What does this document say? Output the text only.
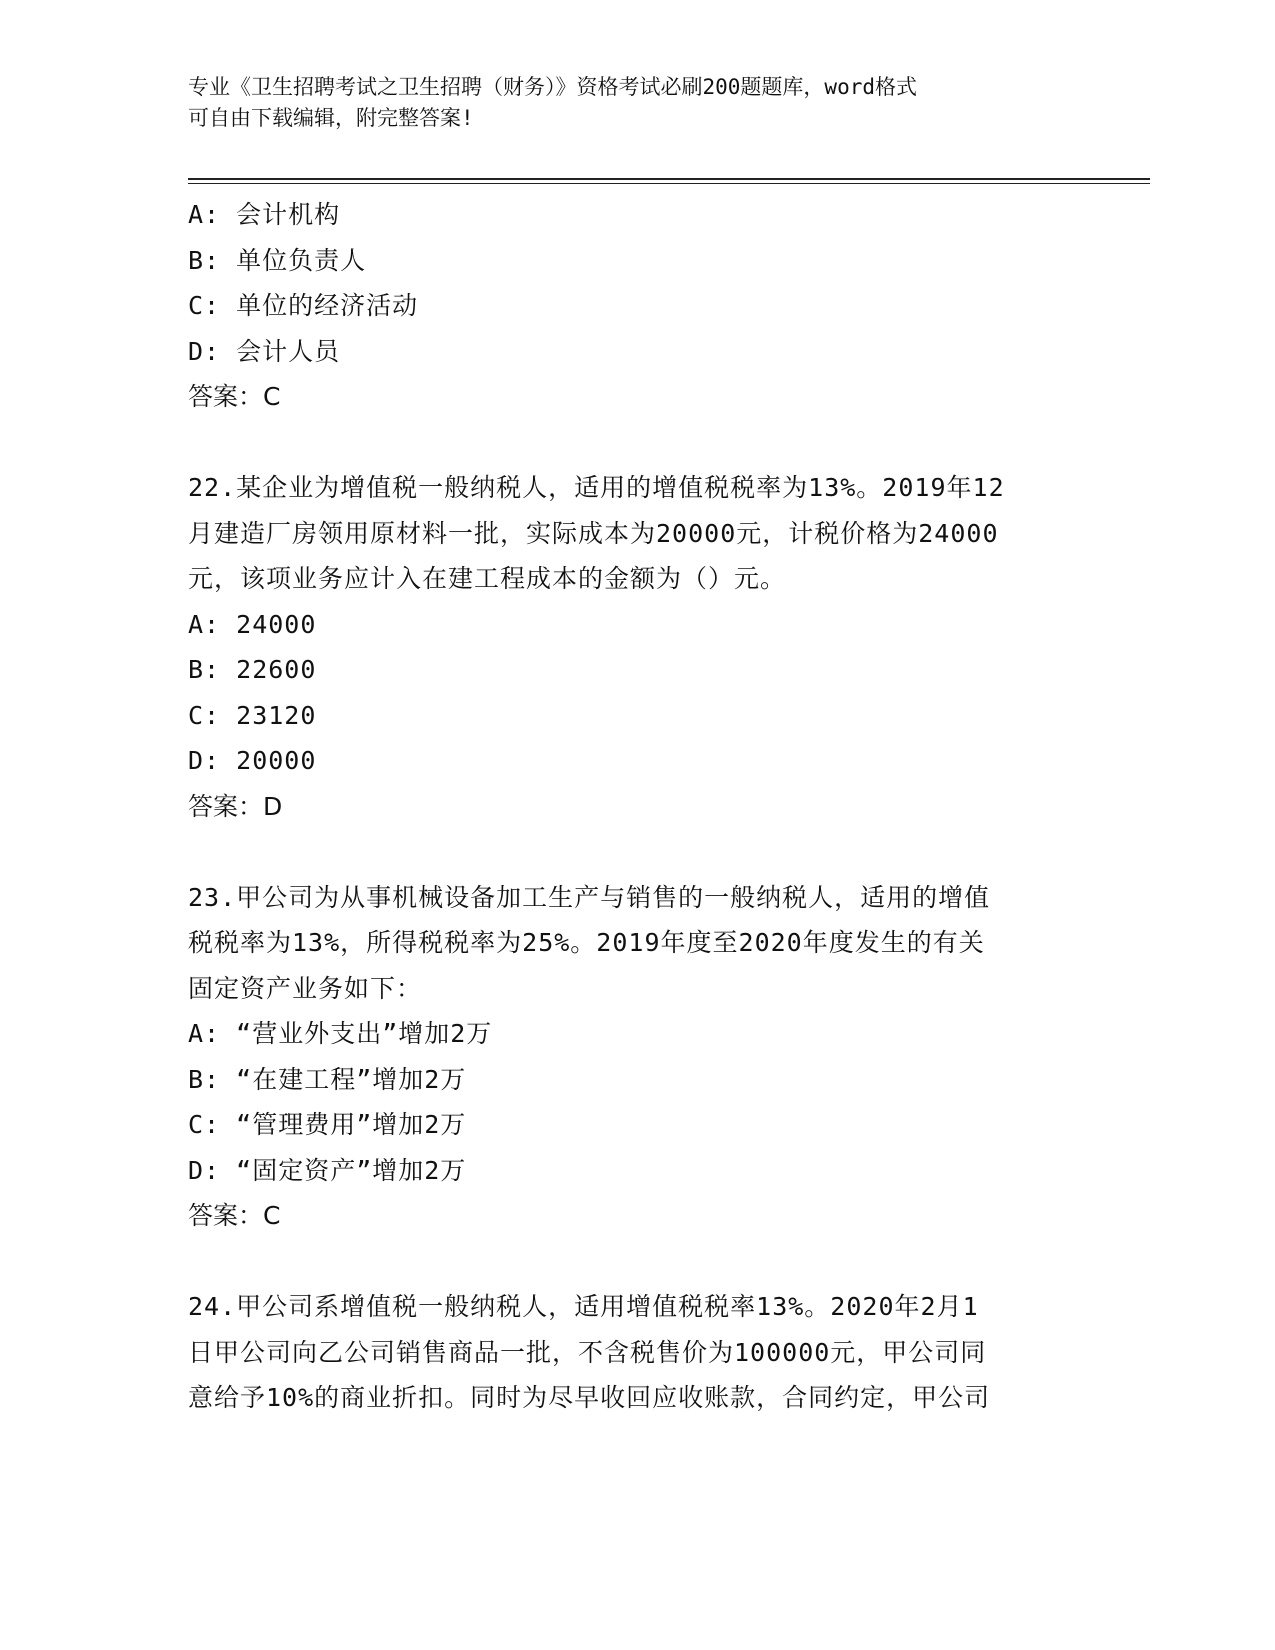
专业《卫生招聘考试之卫生招聘（财务）》资格考试必刷200题题库，word格式
可自由下载编辑，附完整答案!
A: 会计机构
B: 单位负责人
C: 单位的经济活动
D: 会计人员
答案：C
22.某企业为增值税一般纳税人，适用的增值税税率为13%。2019年12
月建造厂房领用原材料一批，实际成本为20000元，计税价格为24000
元，该项业务应计入在建工程成本的金额为（）元。
A: 24000
B: 22600
C: 23120
D: 20000
答案：D
23.甲公司为从事机械设备加工生产与销售的一般纳税人，适用的增值
税税率为13%，所得税税率为25%。2019年度至2020年度发生的有关
固定资产业务如下：
A: “营业外支出”增加2万
B: “在建工程”增加2万
C: “管理费用”增加2万
D: “固定资产”增加2万
答案：C
24.甲公司系增值税一般纳税人，适用增值税税率13%。2020年2月1
日甲公司向乙公司销售商品一批，不含税售价为100000元，甲公司同
意给予10%的商业折扣。同时为尽早收回应收账款，合同约定，甲公司
